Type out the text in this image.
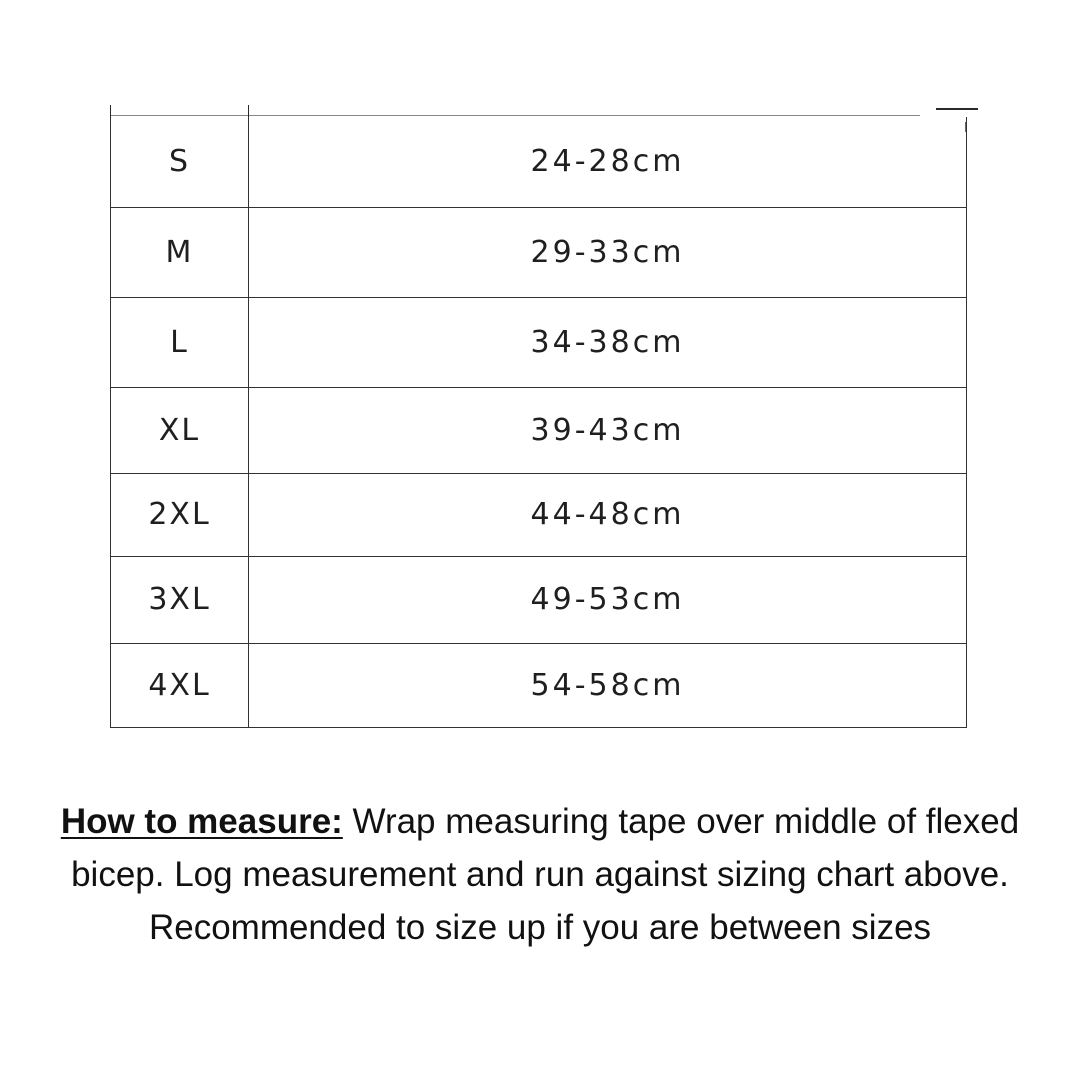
S	24-28cm
M	29-33cm
L	34-38cm
XL	39-43cm
2XL	44-48cm
3XL	49-53cm
4XL	54-58cm
How to measure: Wrap measuring tape over middle of flexed bicep. Log measurement and run against sizing chart above. Recommended to size up if you are between sizes
